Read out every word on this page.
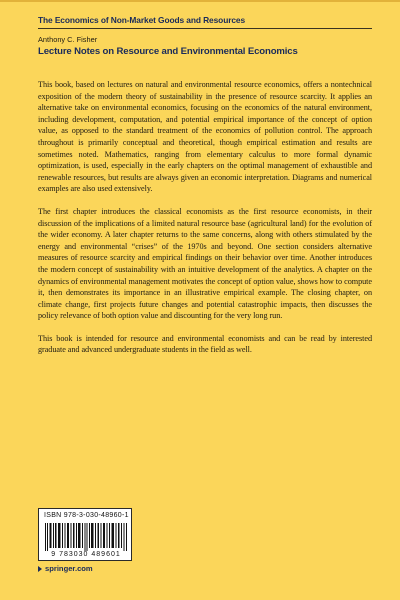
The Economics of Non-Market Goods and Resources
Anthony C. Fisher
Lecture Notes on Resource and Environmental Economics

This book, based on lectures on natural and environmental resource economics, offers a nontechnical exposition of the modern theory of sustainability in the presence of resource scarcity. It applies an alternative take on environmental economics, focusing on the economics of the natural environment, including development, computation, and potential empirical importance of the concept of option value, as opposed to the standard treatment of the economics of pollution control. The approach throughout is primarily conceptual and theoretical, though empirical estimation and results are sometimes noted. Mathematics, ranging from elementary calculus to more formal dynamic optimization, is used, especially in the early chapters on the optimal management of exhaustible and renewable resources, but results are always given an economic interpretation. Diagrams and numerical examples are also used extensively.

The first chapter introduces the classical economists as the first resource economists, in their discussion of the implications of a limited natural resource base (agricultural land) for the evolution of the wider economy. A later chapter returns to the same concerns, along with others stimulated by the energy and environmental “crises” of the 1970s and beyond. One section considers alternative measures of resource scarcity and empirical findings on their behavior over time. Another introduces the modern concept of sustainability with an intuitive development of the analytics. A chapter on the dynamics of environmental management motivates the concept of option value, shows how to compute it, then demonstrates its importance in an illustrative empirical example. The closing chapter, on climate change, first projects future changes and potential catastrophic impacts, then discusses the policy relevance of both option value and discounting for the very long run.

This book is intended for resource and environmental economists and can be read by interested graduate and advanced undergraduate students in the field as well.

ISBN 978-3-030-48960-1
9 783030 489601
springer.com
